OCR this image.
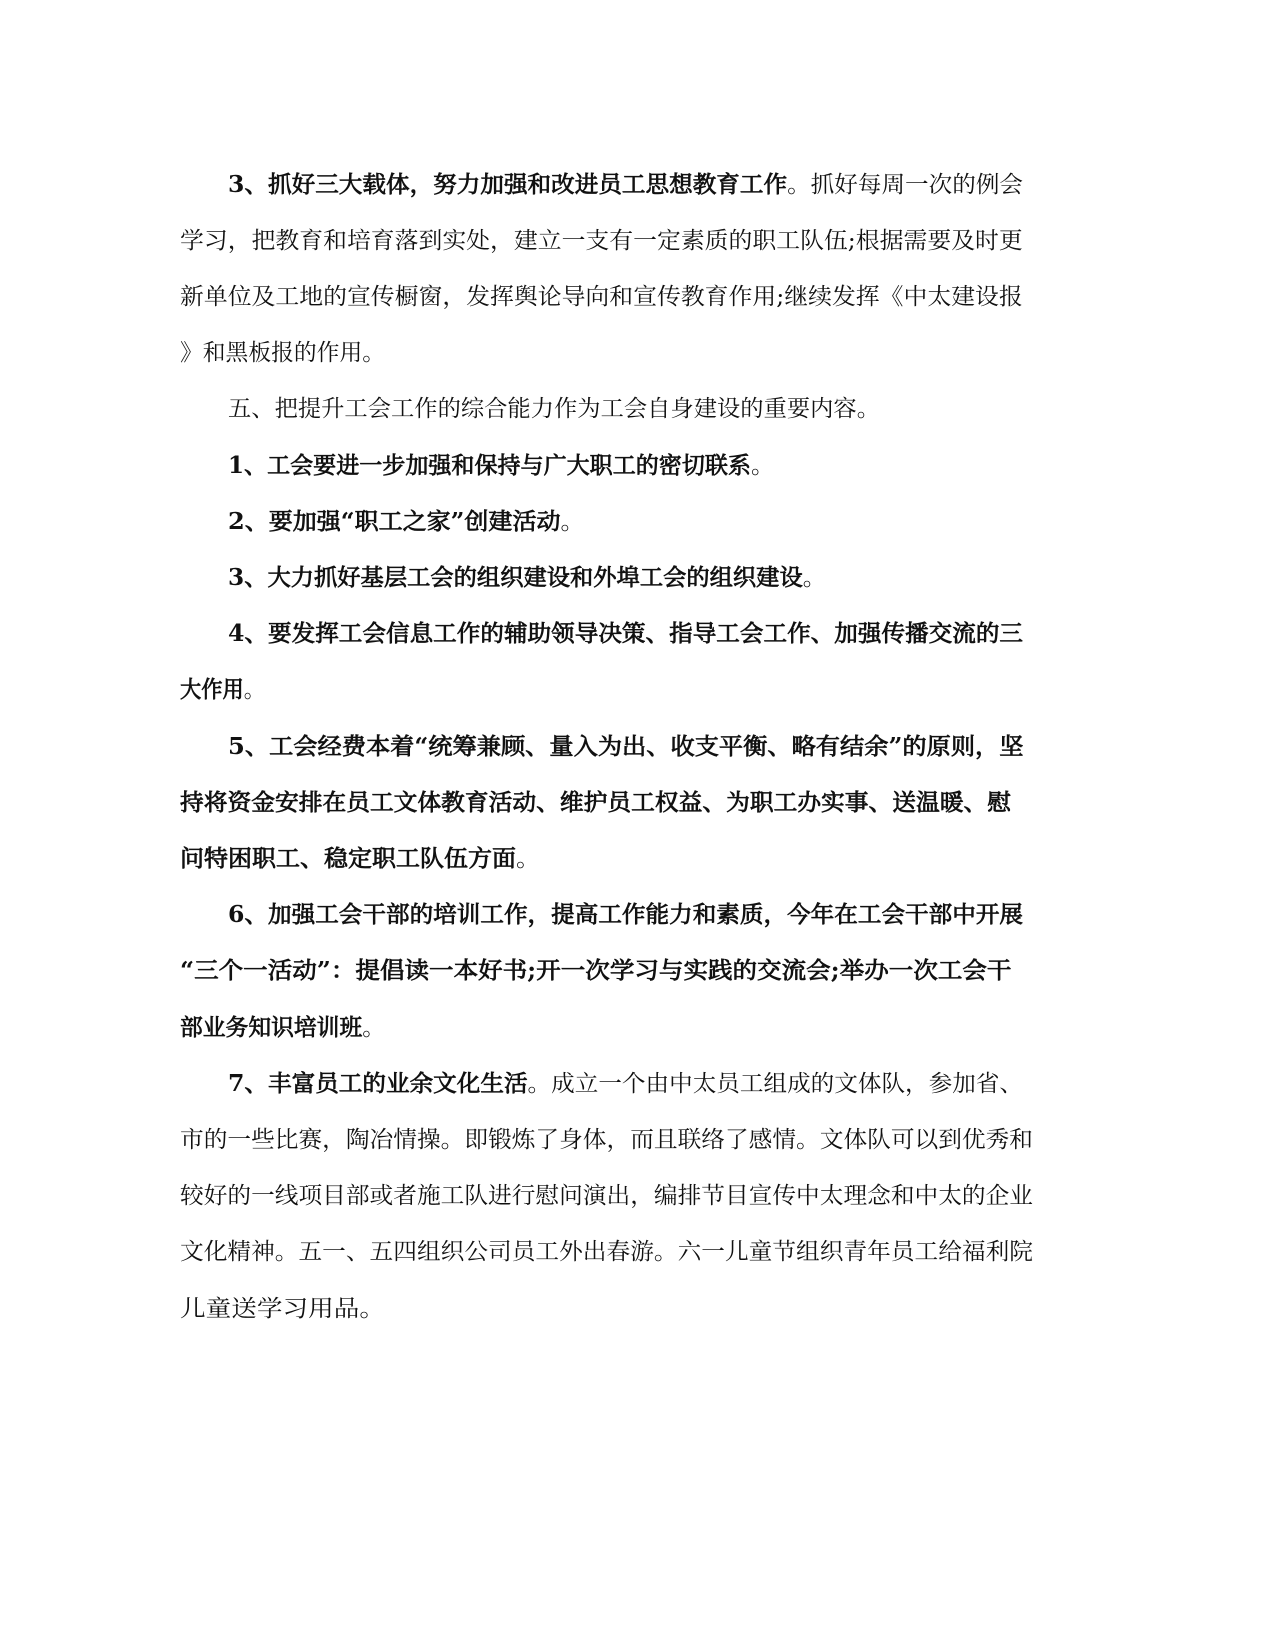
3、抓好三大载体，努力加强和改进员工思想教育工作。抓好每周一次的例会

学习，把教育和培育落到实处，建立一支有一定素质的职工队伍;根据需要及时更

新单位及工地的宣传橱窗，发挥舆论导向和宣传教育作用;继续发挥《中太建设报

》和黑板报的作用。

五、把提升工会工作的综合能力作为工会自身建设的重要内容。

1、工会要进一步加强和保持与广大职工的密切联系。

2、要加强“职工之家”创建活动。

3、大力抓好基层工会的组织建设和外埠工会的组织建设。

4、要发挥工会信息工作的辅助领导决策、指导工会工作、加强传播交流的三

大作用。

5、工会经费本着“统筹兼顾、量入为出、收支平衡、略有结余”的原则，坚

持将资金安排在员工文体教育活动、维护员工权益、为职工办实事、送温暖、慰

问特困职工、稳定职工队伍方面。

6、加强工会干部的培训工作，提高工作能力和素质，今年在工会干部中开展

“三个一活动”：提倡读一本好书;开一次学习与实践的交流会;举办一次工会干

部业务知识培训班。

7、丰富员工的业余文化生活。成立一个由中太员工组成的文体队，参加省、

市的一些比赛，陶冶情操。即锻炼了身体，而且联络了感情。文体队可以到优秀和

较好的一线项目部或者施工队进行慰问演出，编排节目宣传中太理念和中太的企业

文化精神。五一、五四组织公司员工外出春游。六一儿童节组织青年员工给福利院

儿童送学习用品。
